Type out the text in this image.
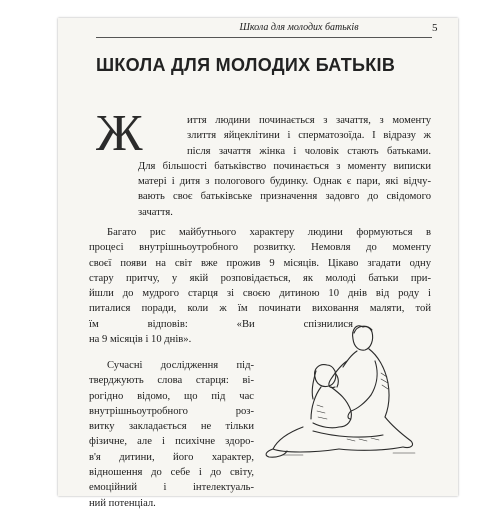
Школа для молодих батьків	5
ШКОЛА ДЛЯ МОЛОДИХ БАТЬКІВ
Ж	иття людини починається з зачаття, з моменту
злиття яйцеклітини і сперматозоїда. І відразу ж
після зачаття жінка і чоловік стають батьками.
Для більшості батьківство починається з моменту виписки
матері і дитя з пологового будинку. Однак є пари, які відчу-
вають своє батьківське призначення задовго до свідомого
зачаття.
Багато рис майбутнього характеру людини формуються в
процесі внутрішньоутробного розвитку. Немовля до моменту
своєї появи на світ вже прожив 9 місяців. Цікаво згадати одну
стару притчу, у якій розповідається, як молоді батьки при-
йшли до мудрого старця зі своєю дитиною 10 днів від роду і
питалися поради, коли ж їм починати виховання маляти, той
їм відповів: «Ви спізнилися
на 9 місяців і 10 днів».
Сучасні дослідження під-
тверджують слова старця: ві-
рогідно відомо, що під час
внутрішньоутробного роз-
витку закладається не тільки
фізичне, але і психічне здоро-
в'я дитини, його характер,
відношення до себе і до світу,
емоційний і інтелектуаль-
ний потенціал.
